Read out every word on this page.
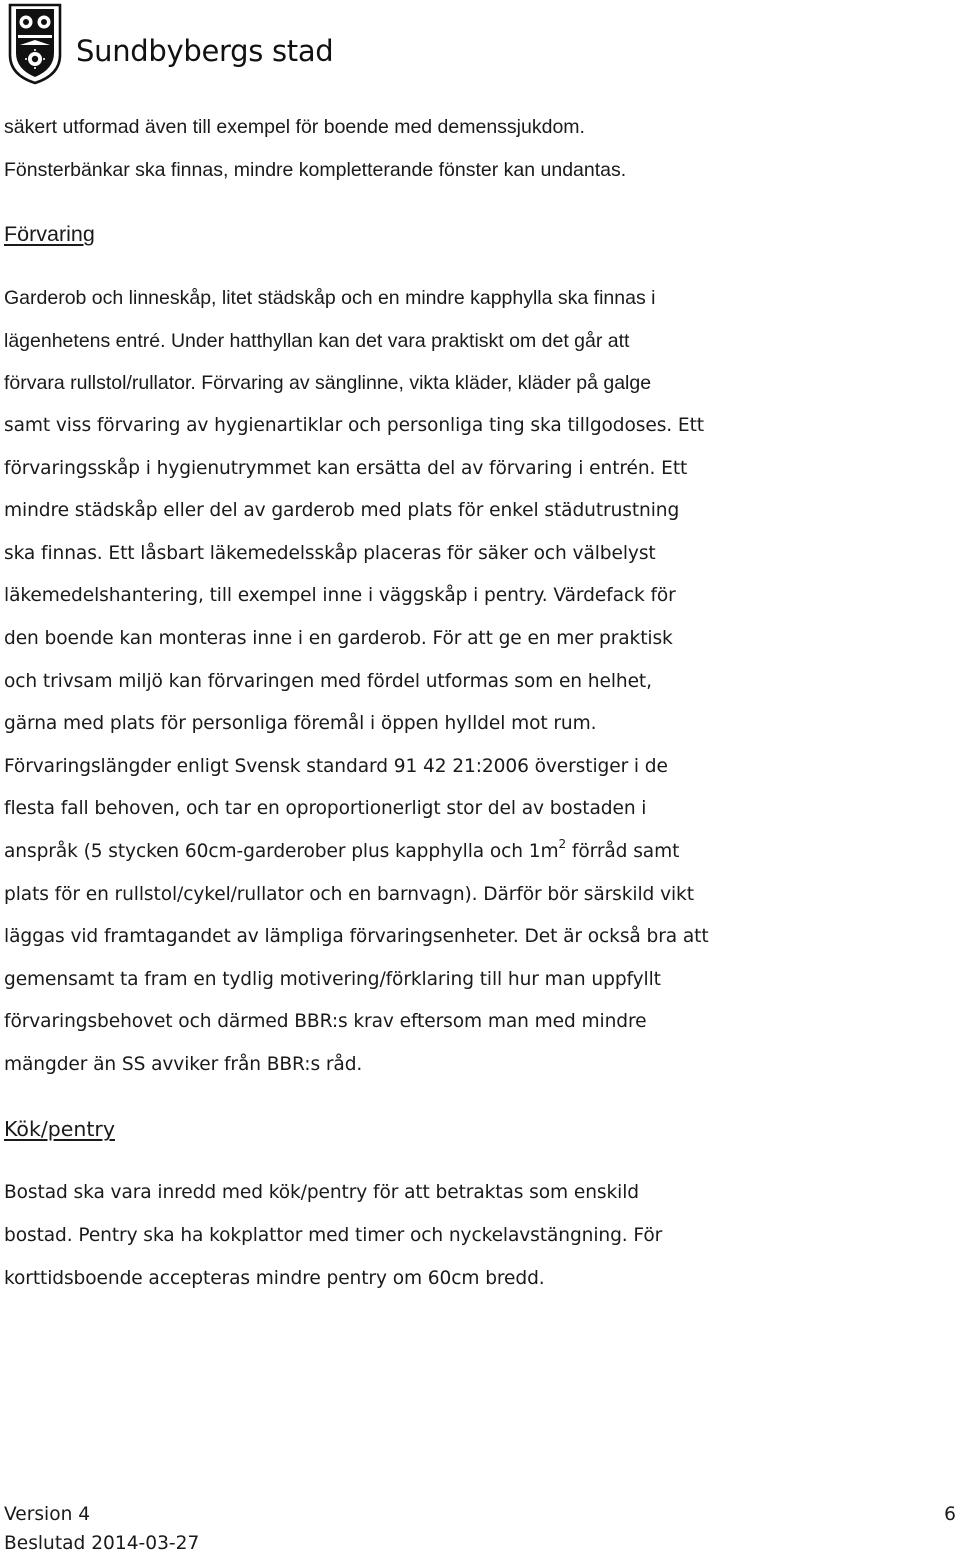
Sundbybergs stad

säkert utformad även till exempel för boende med demenssjukdom.

Fönsterbänkar ska finnas, mindre kompletterande fönster kan undantas.

Förvaring

Garderob och linneskåp, litet städskåp och en mindre kapphylla ska finnas i

lägenhetens entré. Under hatthyllan kan det vara praktiskt om det går att

förvara rullstol/rullator. Förvaring av sänglinne, vikta kläder, kläder på galge

samt viss förvaring av hygienartiklar och personliga ting ska tillgodoses. Ett

förvaringsskåp i hygienutrymmet kan ersätta del av förvaring i entrén. Ett

mindre städskåp eller del av garderob med plats för enkel städutrustning

ska finnas. Ett låsbart läkemedelsskåp placeras för säker och välbelyst

läkemedelshantering, till exempel inne i väggskåp i pentry. Värdefack för

den boende kan monteras inne i en garderob. För att ge en mer praktisk

och trivsam miljö kan förvaringen med fördel utformas som en helhet,

gärna med plats för personliga föremål i öppen hylldel mot rum.

Förvaringslängder enligt Svensk standard 91 42 21:2006 överstiger i de

flesta fall behoven, och tar en oproportionerligt stor del av bostaden i

anspråk (5 stycken 60cm-garderober plus kapphylla och $1m^2$ förråd samt

plats för en rullstol/cykel/rullator och en barnvagn). Därför bör särskild vikt

läggas vid framtagandet av lämpliga förvaringsenheter. Det är också bra att

gemensamt ta fram en tydlig motivering/förklaring till hur man uppfyllt

förvaringsbehovet och därmed BBR:s krav eftersom man med mindre

mängder än SS avviker från BBR:s råd.

Kök/pentry

Bostad ska vara inredd med kök/pentry för att betraktas som enskild

bostad. Pentry ska ha kokplattor med timer och nyckelavstängning. För

korttidsboende accepteras mindre pentry om 60cm bredd.

Version 4
Beslutad 2014-03-27
6
